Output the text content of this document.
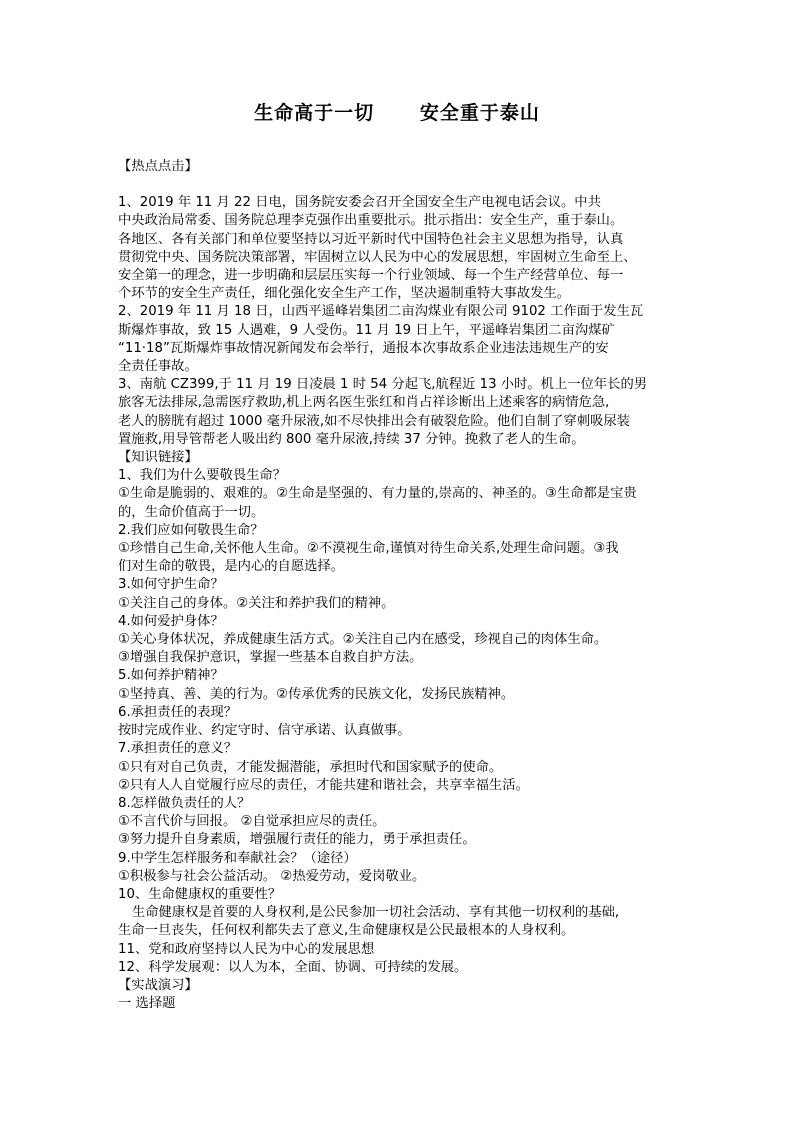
生命高于一切      安全重于泰山

【热点点击】

1、2019 年 11 月 22 日电，国务院安委会召开全国安全生产电视电话会议。中共

中央政治局常委、国务院总理李克强作出重要批示。批示指出：安全生产，重于泰山。

各地区、各有关部门和单位要坚持以习近平新时代中国特色社会主义思想为指导，认真

贯彻党中央、国务院决策部署，牢固树立以人民为中心的发展思想，牢固树立生命至上、

安全第一的理念，进一步明确和层层压实每一个行业领域、每一个生产经营单位、每一

个环节的安全生产责任，细化强化安全生产工作，坚决遏制重特大事故发生。

2、2019 年 11 月 18 日，山西平遥峰岩集团二亩沟煤业有限公司 9102 工作面于发生瓦

斯爆炸事故，致 15 人遇难，9 人受伤。11 月 19 日上午，平遥峰岩集团二亩沟煤矿

“11·18”瓦斯爆炸事故情况新闻发布会举行，通报本次事故系企业违法违规生产的安

全责任事故。

3、南航 CZ399,于 11 月 19 日凌晨 1 时 54 分起飞,航程近 13 小时。机上一位年长的男

旅客无法排尿,急需医疗救助,机上两名医生张红和肖占祥诊断出上述乘客的病情危急,

老人的膀胱有超过 1000 毫升尿液,如不尽快排出会有破裂危险。他们自制了穿刺吸尿装

置施救,用导管帮老人吸出约 800 毫升尿液,持续 37 分钟。挽救了老人的生命。

【知识链接】

1、我们为什么要敬畏生命？

①生命是脆弱的、艰难的。②生命是坚强的、有力量的,崇高的、神圣的。③生命都是宝贵

的，生命价值高于一切。

2.我们应如何敬畏生命？

①珍惜自己生命,关怀他人生命。②不漠视生命,谨慎对待生命关系,处理生命问题。③我

们对生命的敬畏，是内心的自愿选择。

3.如何守护生命？

①关注自己的身体。②关注和养护我们的精神。

4.如何爱护身体？

①关心身体状况，养成健康生活方式。②关注自己内在感受，珍视自己的肉体生命。

③增强自我保护意识，掌握一些基本自救自护方法。

5.如何养护精神？

①坚持真、善、美的行为。②传承优秀的民族文化，发扬民族精神。

6.承担责任的表现？

按时完成作业、约定守时、信守承诺、认真做事。

7.承担责任的意义？

①只有对自己负责，才能发掘潜能，承担时代和国家赋予的使命。

②只有人人自觉履行应尽的责任，才能共建和谐社会，共享幸福生活。

8.怎样做负责任的人？

①不言代价与回报。 ②自觉承担应尽的责任。

③努力提升自身素质，增强履行责任的能力，勇于承担责任。

9.中学生怎样服务和奉献社会？（途径）

①积极参与社会公益活动。 ②热爱劳动，爱岗敬业。

10、生命健康权的重要性？

生命健康权是首要的人身权利,是公民参加一切社会活动、享有其他一切权利的基础,

生命一旦丧失，任何权利都失去了意义,生命健康权是公民最根本的人身权利。

11、党和政府坚持以人民为中心的发展思想

12、科学发展观：以人为本，全面、协调、可持续的发展。

【实战演习】

一 选择题
